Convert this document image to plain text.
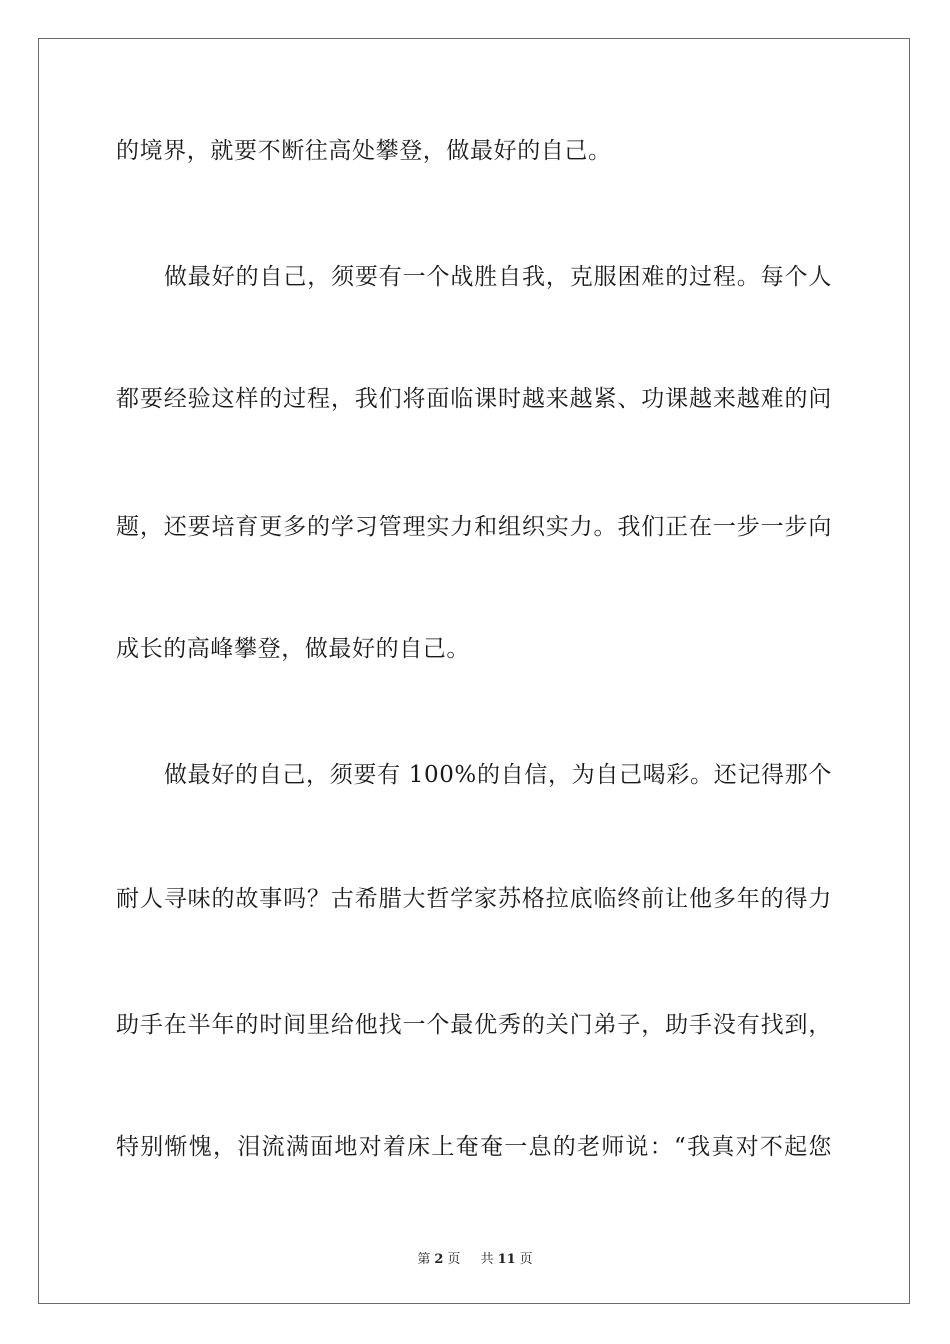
的境界，就要不断往高处攀登，做最好的自己。
做最好的自己，须要有一个战胜自我，克服困难的过程。每个人
都要经验这样的过程，我们将面临课时越来越紧、功课越来越难的问
题，还要培育更多的学习管理实力和组织实力。我们正在一步一步向
成长的高峰攀登，做最好的自己。
做最好的自己，须要有 100%的自信，为自己喝彩。还记得那个
耐人寻味的故事吗？古希腊大哲学家苏格拉底临终前让他多年的得力
助手在半年的时间里给他找一个最优秀的关门弟子，助手没有找到，
特别惭愧，泪流满面地对着床上奄奄一息的老师说：“我真对不起您
第 2 页 共 11 页
